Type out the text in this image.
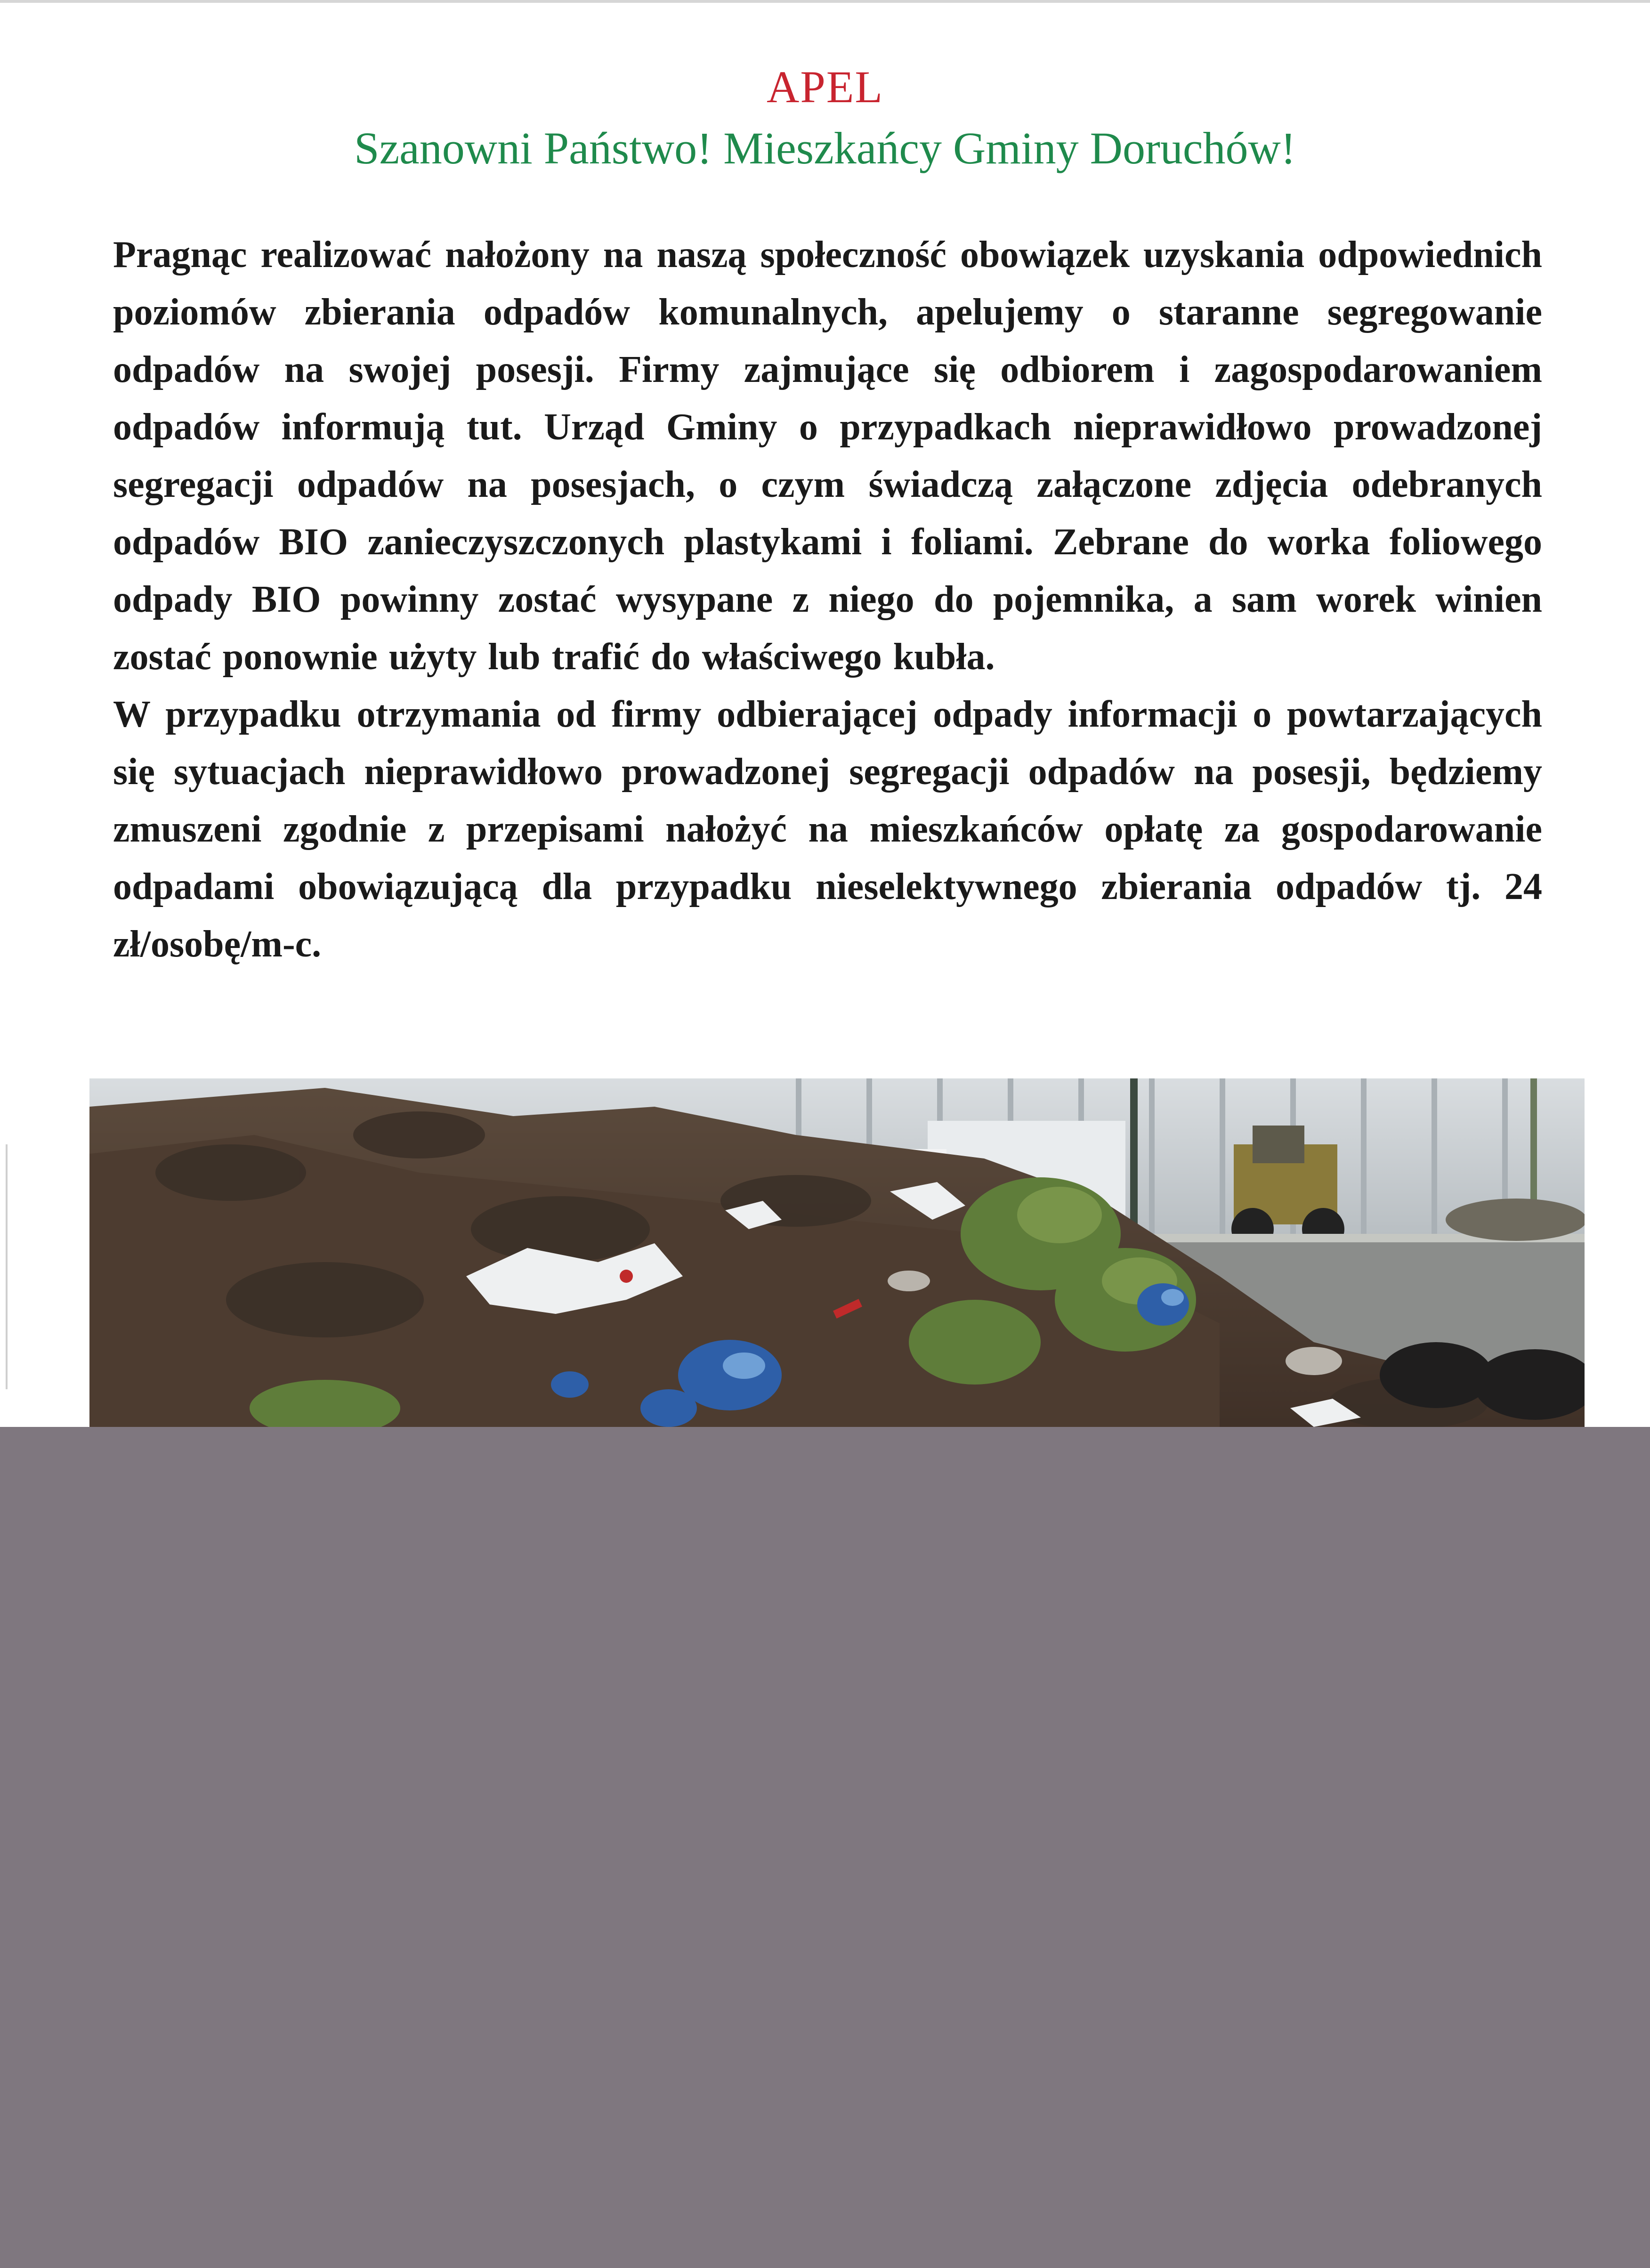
APEL
Szanowni Państwo! Mieszkańcy Gminy Doruchów!

Pragnąc realizować nałożony na naszą społeczność obowiązek uzyskania odpowiednich poziomów zbierania odpadów komunalnych, apelujemy o staranne segregowanie odpadów na swojej posesji. Firmy zajmujące się odbiorem i zagospodarowaniem odpadów informują tut. Urząd Gminy o przypadkach nieprawidłowo prowadzonej segregacji odpadów na posesjach, o czym świadczą załączone zdjęcia odebranych odpadów BIO zanieczyszczonych plastykami i foliami. Zebrane do worka foliowego odpady BIO powinny zostać wysypane z niego do pojemnika, a sam worek winien zostać ponownie użyty lub trafić do właściwego kubła.

W przypadku otrzymania od firmy odbierającej odpady informacji o powtarzających się sytuacjach nieprawidłowo prowadzonej segregacji odpadów na posesji, będziemy zmuszeni zgodnie z przepisami nałożyć na mieszkańców opłatę za gospodarowanie odpadami obowiązującą dla przypadku nieselektywnego zbierania odpadów tj. 24 zł/osobę/m-c.
